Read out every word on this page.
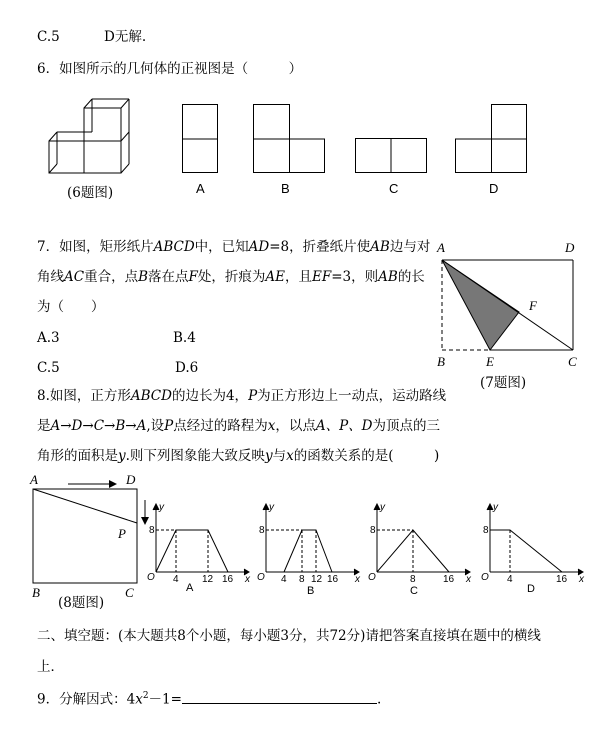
C.5	D无解.
6．如图所示的几何体的正视图是（　　　）
(6题图)	A	B	C	D
7．如图，矩形纸片ABCD中，已知AD=8，折叠纸片使AB边与对
角线AC重合，点B落在点F处，折痕为AE，且EF=3，则AB的长
为（　　）
A.3	B.4
C.5	D.6
A	D
F
B	E	C
(7题图)
8.如图，正方形ABCD的边长为4，P为正方形边上一动点，运动路线
是A→D→C→B→A,设P点经过的路程为x，以点A、P、D为顶点的三
角形的面积是y.则下列图象能大致反映y与x的函数关系的是(　　　)
A	D
P
B	C
(8题图)
8
y
O 4 12 16 x
8
y
O 4 8 12 16 x
8
y
O	8	16 x
8
y
O 4	16 x
A	B	C	D
二、填空题：(本大题共8个小题，每小题3分，共72分)请把答案直接填在题中的横线
上．
9．分解因式：$4x^2-1=$	.
